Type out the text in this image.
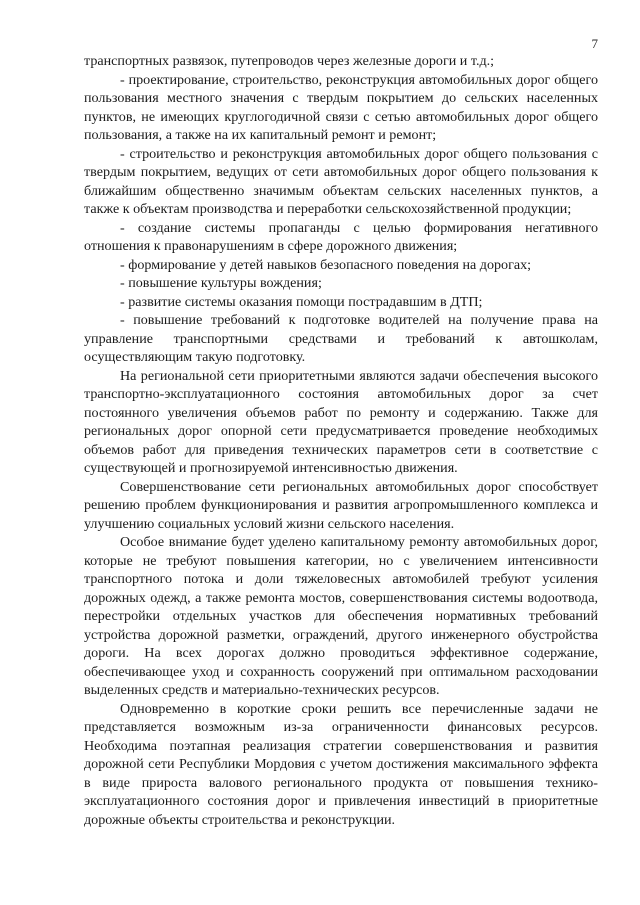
7

транспортных развязок, путепроводов через железные дороги и т.д.;

- проектирование, строительство, реконструкция автомобильных дорог общего пользования местного значения с твердым покрытием до сельских населенных пунктов, не имеющих круглогодичной связи с сетью автомобильных дорог общего пользования, а также на их капитальный ремонт и ремонт;

- строительство и реконструкция автомобильных дорог общего пользования с твердым покрытием, ведущих от сети автомобильных дорог общего пользования к ближайшим общественно значимым объектам сельских населенных пунктов, а также к объектам производства и переработки сельскохозяйственной продукции;

- создание системы пропаганды с целью формирования негативного отношения к правонарушениям в сфере дорожного движения;

- формирование у детей навыков безопасного поведения на дорогах;

- повышение культуры вождения;

- развитие системы оказания помощи пострадавшим в ДТП;

- повышение требований к подготовке водителей на получение права на управление транспортными средствами и требований к автошколам, осуществляющим такую подготовку.

На региональной сети приоритетными являются задачи обеспечения высокого транспортно-эксплуатационного состояния автомобильных дорог за счет постоянного увеличения объемов работ по ремонту и содержанию. Также для региональных дорог опорной сети предусматривается проведение необходимых объемов работ для приведения технических параметров сети в соответствие с существующей и прогнозируемой интенсивностью движения.

Совершенствование сети региональных автомобильных дорог способствует решению проблем функционирования и развития агропромышленного комплекса и улучшению социальных условий жизни сельского населения.

Особое внимание будет уделено капитальному ремонту автомобильных дорог, которые не требуют повышения категории, но с увеличением интенсивности транспортного потока и доли тяжеловесных автомобилей требуют усиления дорожных одежд, а также ремонта мостов, совершенствования системы водоотвода, перестройки отдельных участков для обеспечения нормативных требований устройства дорожной разметки, ограждений, другого инженерного обустройства дороги. На всех дорогах должно проводиться эффективное содержание, обеспечивающее уход и сохранность сооружений при оптимальном расходовании выделенных средств и материально-технических ресурсов.

Одновременно в короткие сроки решить все перечисленные задачи не представляется возможным из-за ограниченности финансовых ресурсов. Необходима поэтапная реализация стратегии совершенствования и развития дорожной сети Республики Мордовия с учетом достижения максимального эффекта в виде прироста валового регионального продукта от повышения технико-эксплуатационного состояния дорог и привлечения инвестиций в приоритетные дорожные объекты строительства и реконструкции.
